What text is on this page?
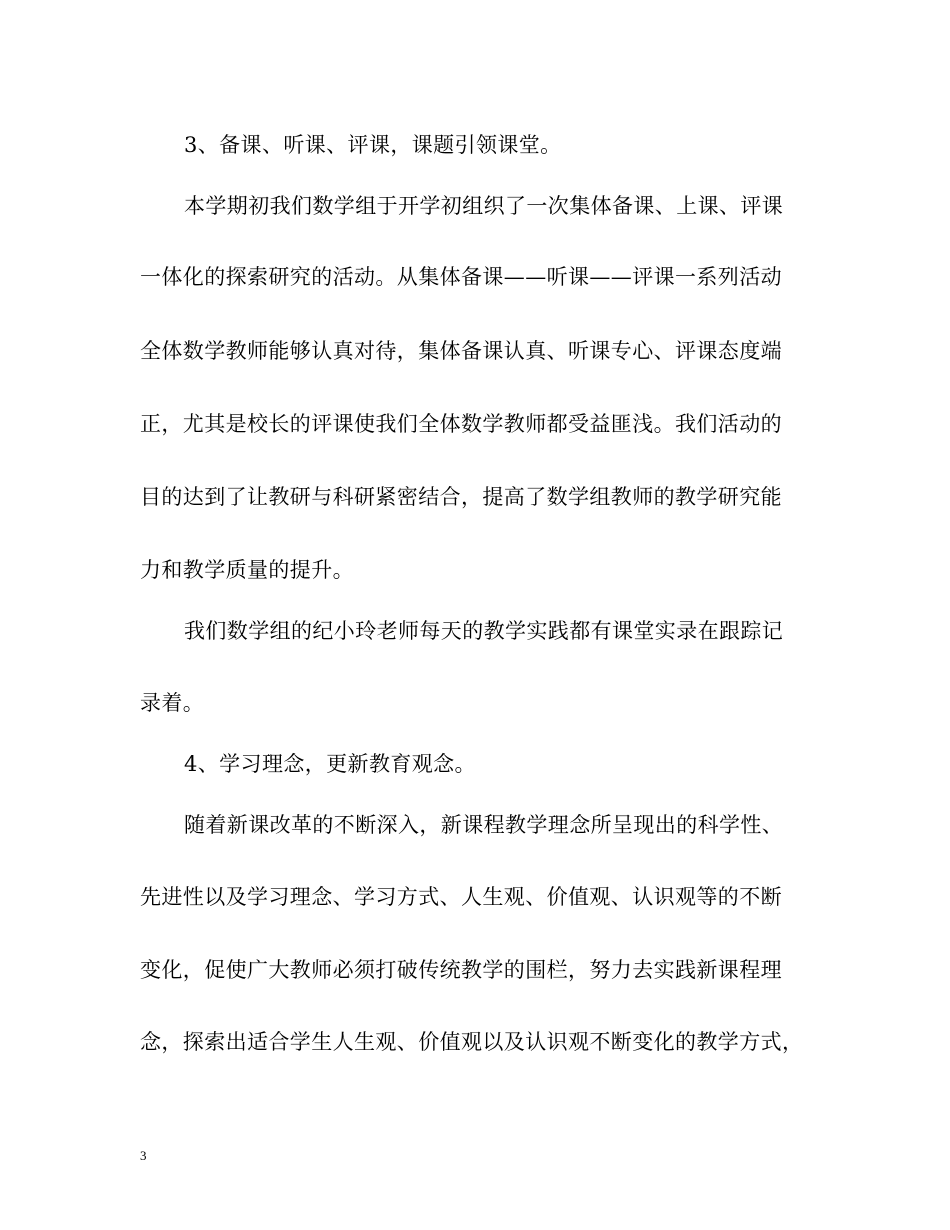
3、备课、听课、评课，课题引领课堂。
本学期初我们数学组于开学初组织了一次集体备课、上课、评课
一体化的探索研究的活动。从集体备课——听课——评课一系列活动
全体数学教师能够认真对待，集体备课认真、听课专心、评课态度端
正，尤其是校长的评课使我们全体数学教师都受益匪浅。我们活动的
目的达到了让教研与科研紧密结合，提高了数学组教师的教学研究能
力和教学质量的提升。
我们数学组的纪小玲老师每天的教学实践都有课堂实录在跟踪记
录着。
4、学习理念，更新教育观念。
随着新课改革的不断深入，新课程教学理念所呈现出的科学性、
先进性以及学习理念、学习方式、人生观、价值观、认识观等的不断
变化，促使广大教师必须打破传统教学的围栏，努力去实践新课程理
念，探索出适合学生人生观、价值观以及认识观不断变化的教学方式，
3
